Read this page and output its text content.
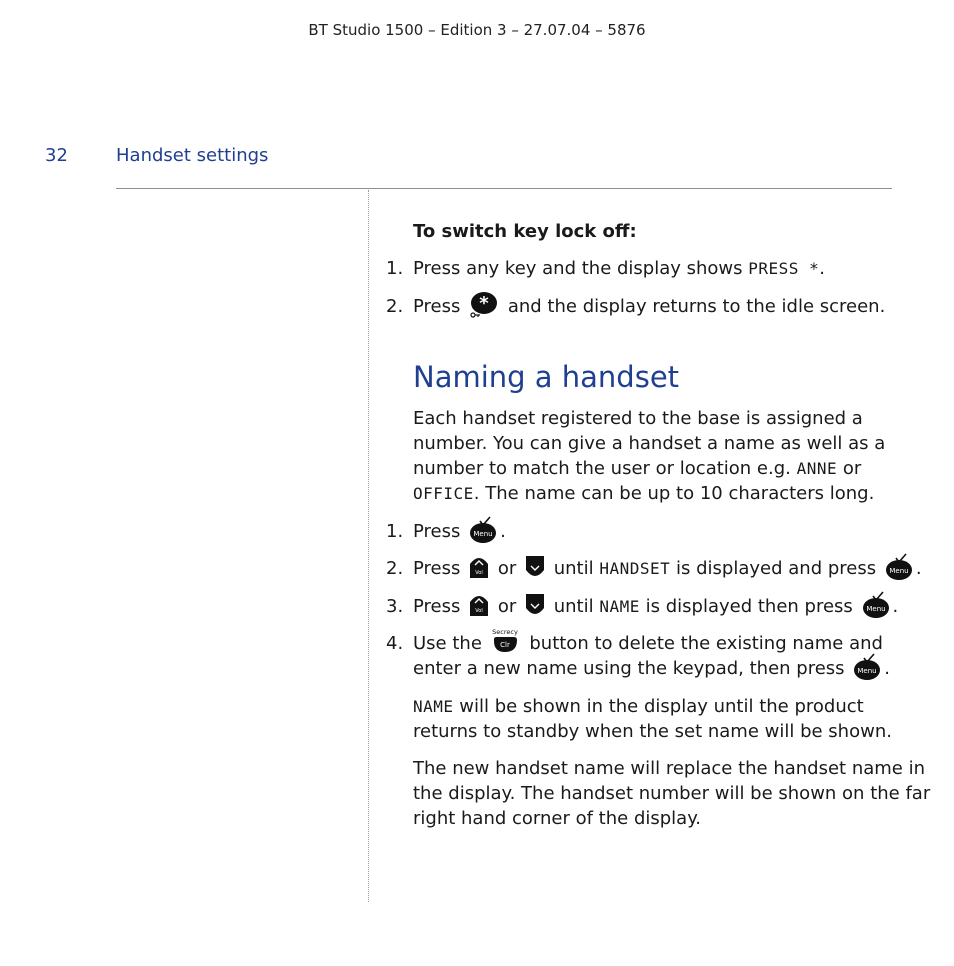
BT Studio 1500 – Edition 3 – 27.07.04 – 5876
32	Handset settings
To switch key lock off:
1. Press any key and the display shows PRESS *.
2. Press * and the display returns to the idle screen.
Naming a handset
Each handset registered to the base is assigned a
number. You can give a handset a name as well as a
number to match the user or location e.g. ANNE or
OFFICE. The name can be up to 10 characters long.
1. Press Menu .
2. Press	Vol or until HANDSET is displayed and press Menu .
3. Press	Vol or until NAME is displayed then press Menu .
4. Use the
Secrecy
Clr button to delete the existing name and
enter a new name using the keypad, then press Menu .
NAME will be shown in the display until the product
returns to standby when the set name will be shown.
The new handset name will replace the handset name in
the display. The handset number will be shown on the far
right hand corner of the display.
